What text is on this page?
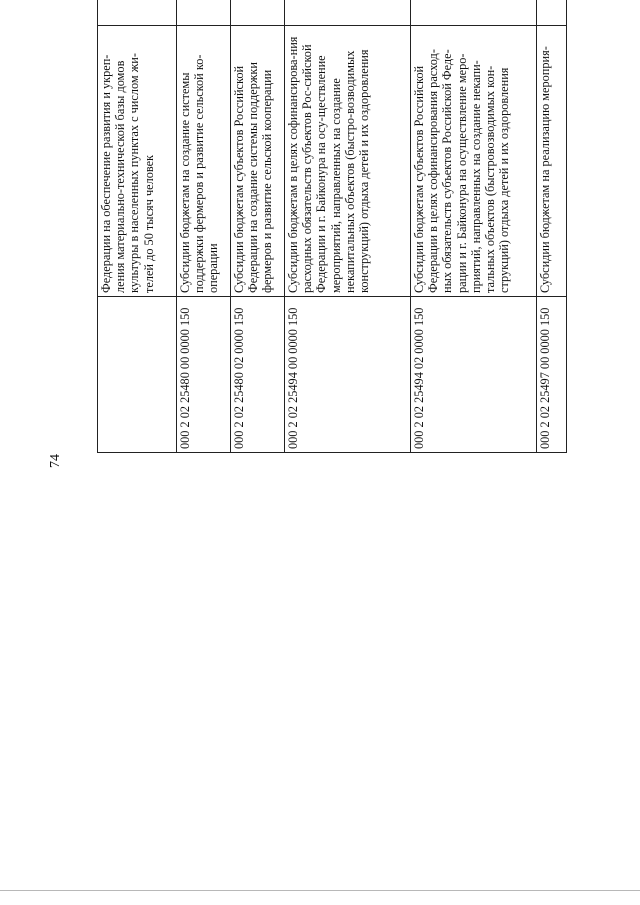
74
	Федерации на обеспечение развития и укреп-ления материально-технической базы домов культуры в населенных пунктах с числом жи-телей до 50 тысяч человек			
000 2 02 25480 00 0000 150	Субсидии бюджетам на создание системы поддержки фермеров и развитие сельской ко-операции			
000 2 02 25480 02 0000 150	Субсидии бюджетам субъектов Российской Федерации на создание системы поддержки фермеров и развитие сельской кооперации			
000 2 02 25494 00 0000 150	Субсидии бюджетам в целях софинансирова-ния расходных обязательств субъектов Рос-сийской Федерации и г. Байконура на осу-ществление мероприятий, направленных на создание некапитальных объектов (быстро-возводимых конструкций) отдыха детей и их оздоровления			
000 2 02 25494 02 0000 150	Субсидии бюджетам субъектов Российской Федерации в целях софинансирования расход-ных обязательств субъектов Российской Феде-рации и г. Байконура на осуществление меро-приятий, направленных на создание некапи-тальных объектов (быстровозводимых кон-струкций) отдыха детей и их оздоровления			
000 2 02 25497 00 0000 150	Субсидии бюджетам на реализацию мероприя-			
